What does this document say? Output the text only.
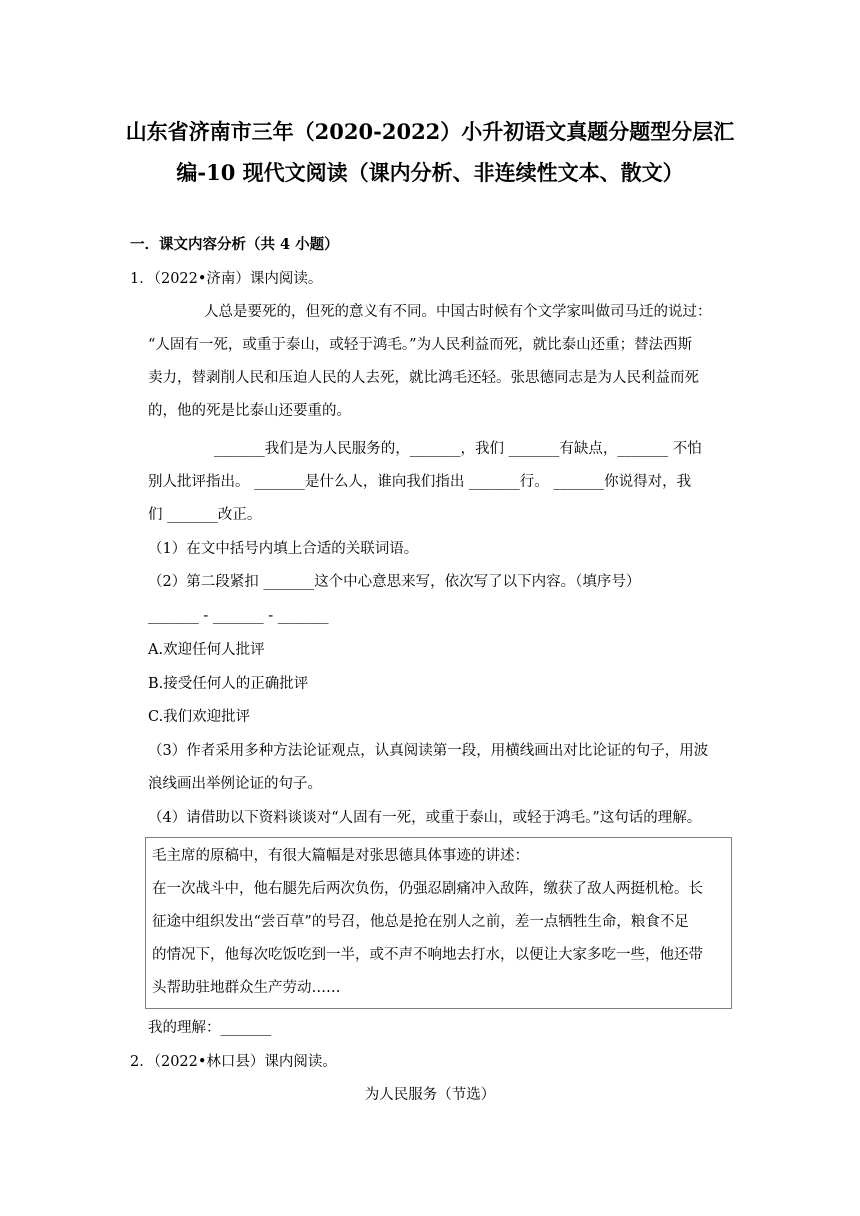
山东省济南市三年（2020-2022）小升初语文真题分题型分层汇
编-10 现代文阅读（课内分析、非连续性文本、散文）
一．课文内容分析（共 4 小题）
1．（2022•济南）课内阅读。
人总是要死的，但死的意义有不同。中国古时候有个文学家叫做司马迁的说过：
“人固有一死，或重于泰山，或轻于鸿毛。”为人民利益而死，就比泰山还重；替法西斯
卖力，替剥削人民和压迫人民的人去死，就比鸿毛还轻。张思德同志是为人民利益而死
的，他的死是比泰山还要重的。
_______我们是为人民服务的，_______，我们 _______有缺点，_______ 不怕
别人批评指出。 _______是什么人，谁向我们指出 _______行。 _______你说得对，我
们 _______改正。
（1）在文中括号内填上合适的关联词语。
（2）第二段紧扣 _______这个中心意思来写，依次写了以下内容。（填序号）
_______ - _______ - _______
A.欢迎任何人批评
B.接受任何人的正确批评
C.我们欢迎批评
（3）作者采用多种方法论证观点，认真阅读第一段，用横线画出对比论证的句子，用波
浪线画出举例论证的句子。
（4）请借助以下资料谈谈对“人固有一死，或重于泰山，或轻于鸿毛。”这句话的理解。
毛主席的原稿中，有很大篇幅是对张思德具体事迹的讲述：
在一次战斗中，他右腿先后两次负伤，仍强忍剧痛冲入敌阵，缴获了敌人两挺机枪。长
征途中组织发出“尝百草”的号召，他总是抢在别人之前，差一点牺牲生命，粮食不足
的情况下，他每次吃饭吃到一半，或不声不响地去打水，以便让大家多吃一些，他还带
头帮助驻地群众生产劳动……
我的理解：_______
2．（2022•林口县）课内阅读。
为人民服务（节选）
